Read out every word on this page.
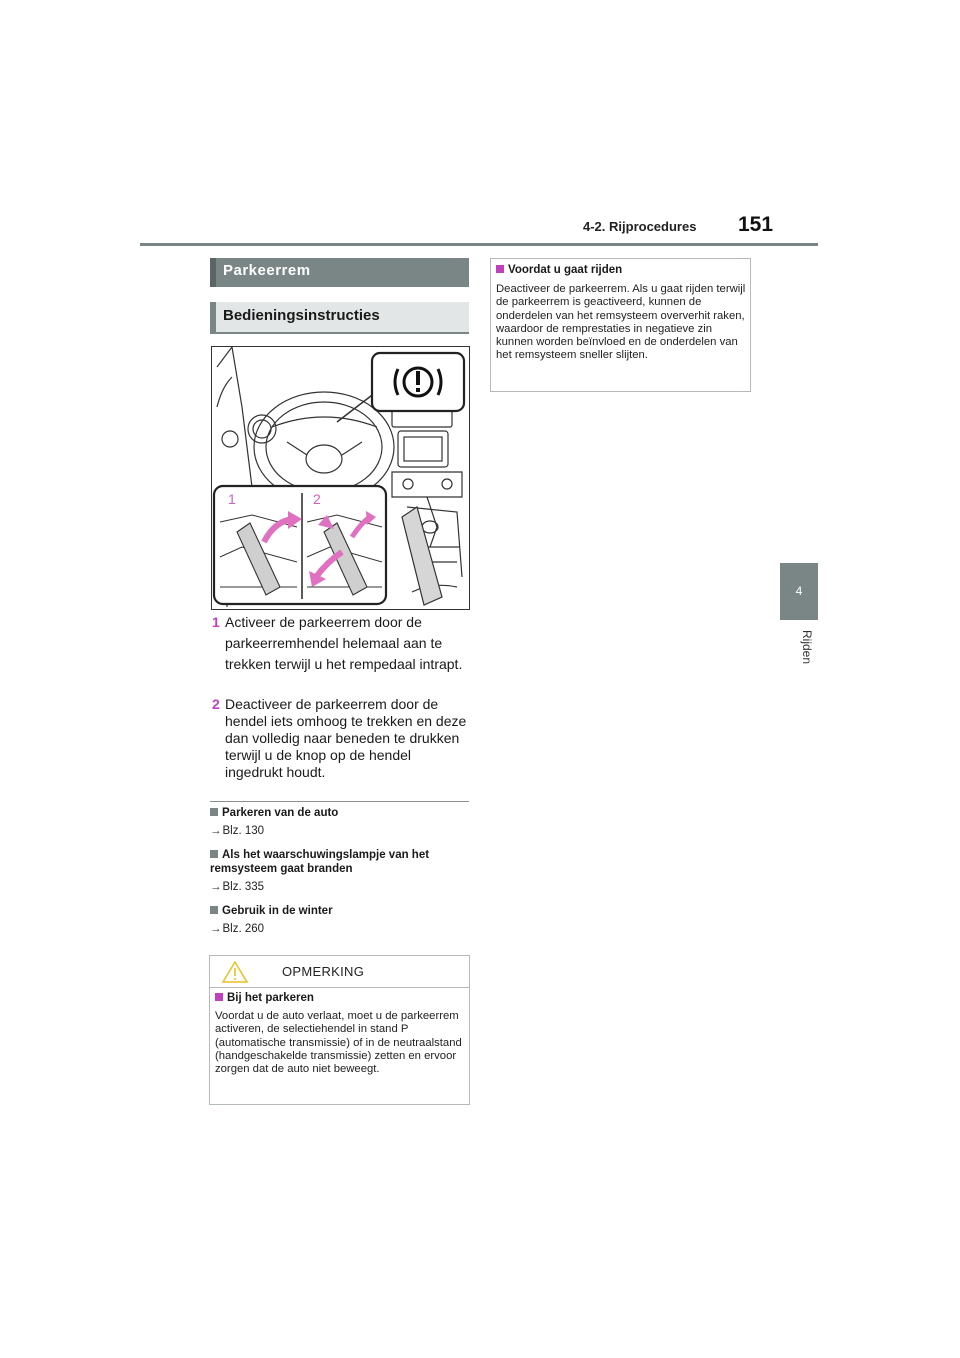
4-2. Rijprocedures 151
4
Rijden
Parkeerrem
Bedieningsinstructies
1	2
1 Activeer de parkeerrem door de parkeerremhendel helemaal aan te trekken terwijl u het rempedaal intrapt.
2 Deactiveer de parkeerrem door de hendel iets omhoog te trekken en deze dan volledig naar beneden te drukken terwijl u de knop op de hendel ingedrukt houdt.
Parkeren van de auto
→Blz. 130
Als het waarschuwingslampje van het remsysteem gaat branden
→Blz. 335
Gebruik in de winter
→Blz. 260
OPMERKING
Bij het parkeren
Voordat u de auto verlaat, moet u de parkeerrem activeren, de selectiehendel in stand P (automatische transmissie) of in de neutraalstand (handgeschakelde transmissie) zetten en ervoor zorgen dat de auto niet beweegt.
Voordat u gaat rijden
Deactiveer de parkeerrem. Als u gaat rijden terwijl de parkeerrem is geactiveerd, kunnen de onderdelen van het remsysteem oververhit raken, waardoor de remprestaties in negatieve zin kunnen worden beïnvloed en de onderdelen van het remsysteem sneller slijten.
